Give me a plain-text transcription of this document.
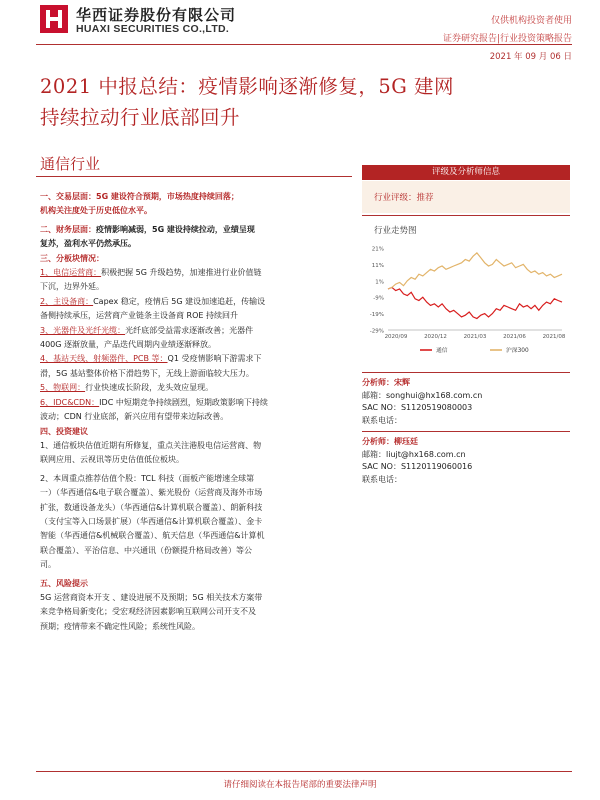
华西证券股份有限公司
HUAXI SECURITIES CO.,LTD.
仅供机构投资者使用
证券研究报告|行业投资策略报告
2021 年 09 月 06 日
2021 中报总结：疫情影响逐渐修复，5G 建网
持续拉动行业底部回升
通信行业

一、交易层面：5G 建设符合预期，市场热度持续回落；

机构关注度处于历史低位水平。

二、财务层面：疫情影响减弱，5G 建设持续拉动，业绩呈现

复苏，盈利水平仍然承压。

三、分板块情况：

1、电信运营商：积极把握 5G 升级趋势，加速推进行业价值链

下沉，边界外延。

2、主设备商：Capex 稳定，疫情后 5G 建设加速追赶，传输设

备侧持续承压，运营商产业链条主设备商 ROE 持续回升

3、光器件及光纤光缆：光纤底部受益需求逐渐改善；光器件

400G 逐渐放量，产品迭代周期内业绩逐渐释放。

4、基站天线、射频器件、PCB 等：Q1 受疫情影响下游需求下

滑，5G 基站整体价格下滑趋势下，无线上游面临较大压力。

5、物联网：行业快速成长阶段，龙头效应显现。

6、IDC&CDN：IDC 中短期竞争持续剧烈，短期政策影响下持续

波动；CDN 行业底部，新兴应用有望带来边际改善。

四、投资建议

1、通信板块估值近期有所修复，重点关注港股电信运营商、物

联网应用、云视讯等历史估值低位板块。

2、本周重点推荐估值个股：TCL 科技（面板产能增速全球第

一）（华西通信&电子联合覆盖）、紫光股份（运营商及海外市场

扩张，数通设备龙头）（华西通信&计算机联合覆盖）、朗新科技

（支付宝等入口场景扩展）（华西通信&计算机联合覆盖）、金卡

智能（华西通信&机械联合覆盖）、航天信息（华西通信&计算机

联合覆盖）、平治信息、中兴通讯（份额提升格局改善）等公

司。

五、风险提示

5G 运营商资本开支 、建设进展不及预期；5G 相关技术方案带

来竞争格局新变化；受宏观经济因素影响互联网公司开支不及

预期；疫情带来不确定性风险；系统性风险。

评级及分析师信息
行业评级：推荐
行业走势图
21%
11%
1%
-9%
-19%
-29%
2020/09	2020/12	2021/03	2021/06	2021/08
通信	沪深300
分析师：宋辉
邮箱：songhui@hx168.com.cn
SAC NO：S1120519080003
联系电话：
分析师：柳珏廷
邮箱：liujt@hx168.com.cn
SAC NO：S1120119060016
联系电话：
请仔细阅读在本报告尾部的重要法律声明
